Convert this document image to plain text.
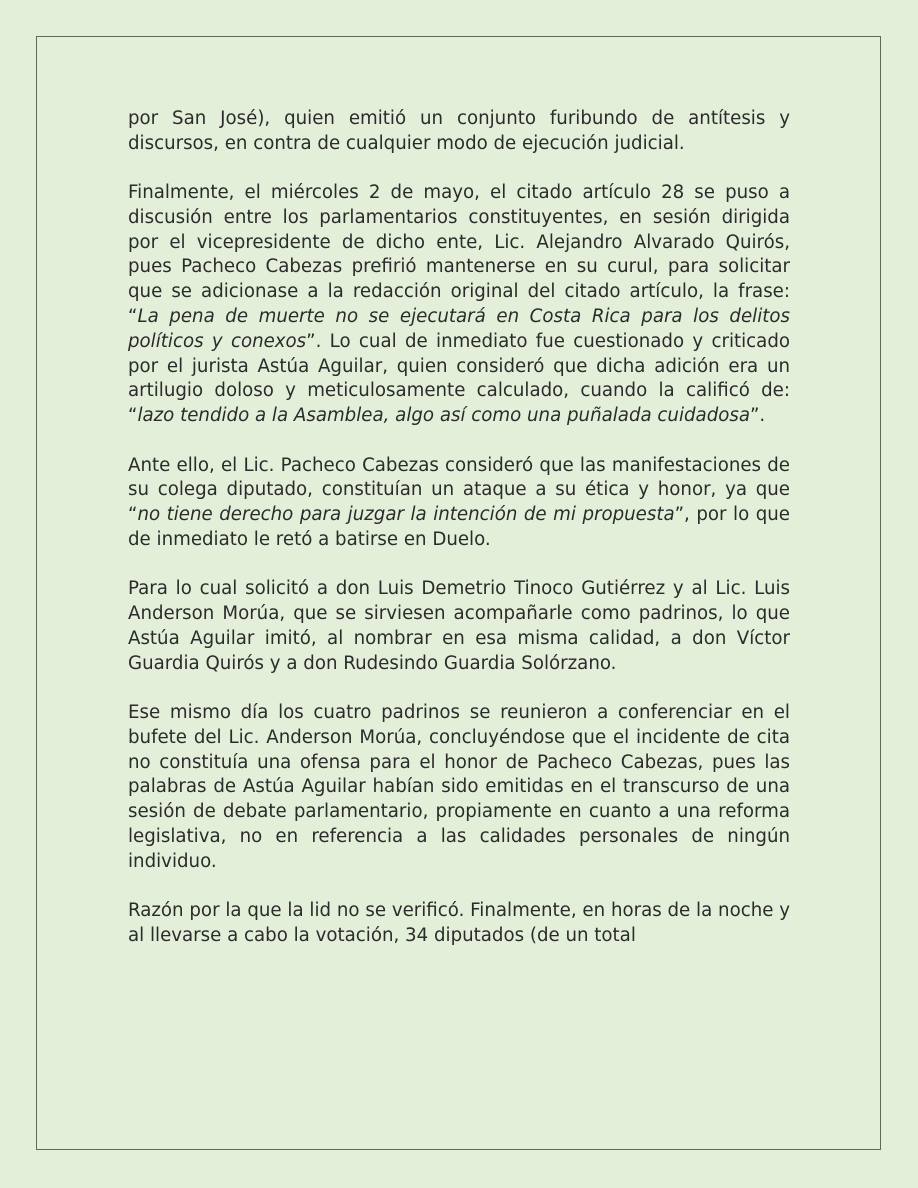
por San José), quien emitió un conjunto furibundo de antítesis y discursos, en contra de cualquier modo de ejecución judicial.

Finalmente, el miércoles 2 de mayo, el citado artículo 28 se puso a discusión entre los parlamentarios constituyentes, en sesión dirigida por el vicepresidente de dicho ente, Lic. Alejandro Alvarado Quirós, pues Pacheco Cabezas prefirió mantenerse en su curul, para solicitar que se adicionase a la redacción original del citado artículo, la frase: “La pena de muerte no se ejecutará en Costa Rica para los delitos políticos y conexos”. Lo cual de inmediato fue cuestionado y criticado por el jurista Astúa Aguilar, quien consideró que dicha adición era un artilugio doloso y meticulosamente calculado, cuando la calificó de: “lazo tendido a la Asamblea, algo así como una puñalada cuidadosa”.

Ante ello, el Lic. Pacheco Cabezas consideró que las manifestaciones de su colega diputado, constituían un ataque a su ética y honor, ya que “no tiene derecho para juzgar la intención de mi propuesta”, por lo que de inmediato le retó a batirse en Duelo.

Para lo cual solicitó a don Luis Demetrio Tinoco Gutiérrez y al Lic. Luis Anderson Morúa, que se sirviesen acompañarle como padrinos, lo que Astúa Aguilar imitó, al nombrar en esa misma calidad, a don Víctor Guardia Quirós y a don Rudesindo Guardia Solórzano.

Ese mismo día los cuatro padrinos se reunieron a conferenciar en el bufete del Lic. Anderson Morúa, concluyéndose que el incidente de cita no constituía una ofensa para el honor de Pacheco Cabezas, pues las palabras de Astúa Aguilar habían sido emitidas en el transcurso de una sesión de debate parlamentario, propiamente en cuanto a una reforma legislativa, no en referencia a las calidades personales de ningún individuo.

Razón por la que la lid no se verificó. Finalmente, en horas de la noche y al llevarse a cabo la votación, 34 diputados (de un total
